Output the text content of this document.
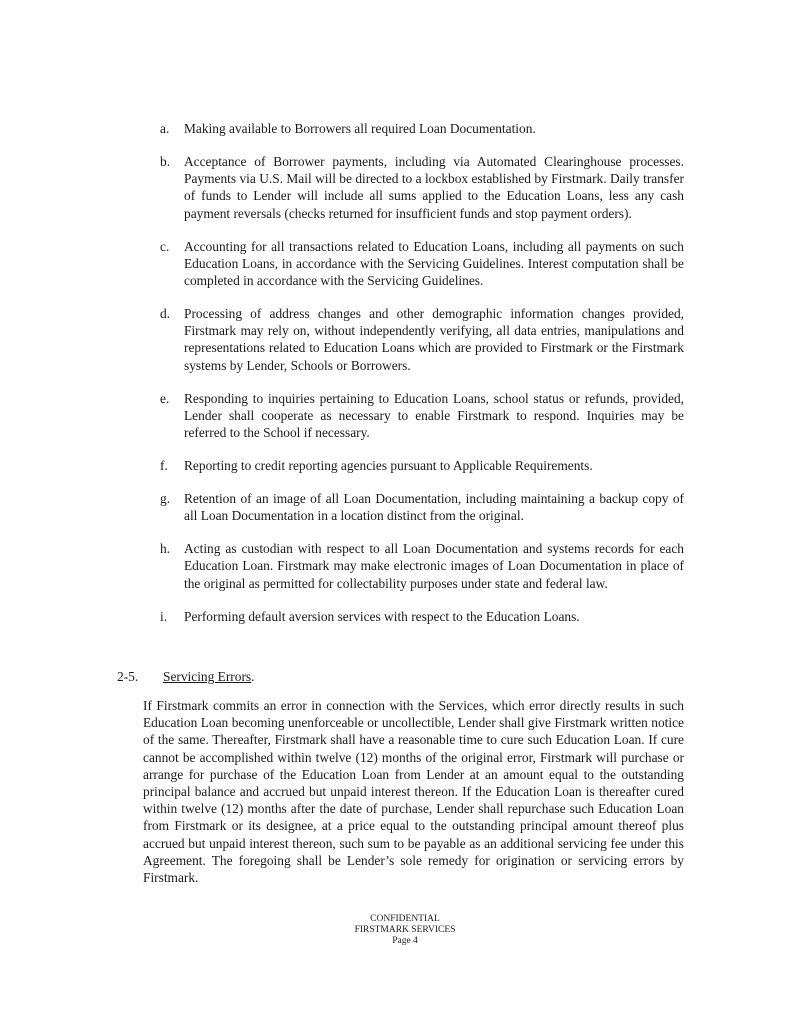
a.	Making available to Borrowers all required Loan Documentation.
b.	Acceptance of Borrower payments, including via Automated Clearinghouse processes. Payments via U.S. Mail will be directed to a lockbox established by Firstmark. Daily transfer of funds to Lender will include all sums applied to the Education Loans, less any cash payment reversals (checks returned for insufficient funds and stop payment orders).
c.	Accounting for all transactions related to Education Loans, including all payments on such Education Loans, in accordance with the Servicing Guidelines. Interest computation shall be completed in accordance with the Servicing Guidelines.
d.	Processing of address changes and other demographic information changes provided, Firstmark may rely on, without independently verifying, all data entries, manipulations and representations related to Education Loans which are provided to Firstmark or the Firstmark systems by Lender, Schools or Borrowers.
e.	Responding to inquiries pertaining to Education Loans, school status or refunds, provided, Lender shall cooperate as necessary to enable Firstmark to respond. Inquiries may be referred to the School if necessary.
f.	Reporting to credit reporting agencies pursuant to Applicable Requirements.
g.	Retention of an image of all Loan Documentation, including maintaining a backup copy of all Loan Documentation in a location distinct from the original.
h.	Acting as custodian with respect to all Loan Documentation and systems records for each Education Loan. Firstmark may make electronic images of Loan Documentation in place of the original as permitted for collectability purposes under state and federal law.
i.	Performing default aversion services with respect to the Education Loans.
2-5.	Servicing Errors.
If Firstmark commits an error in connection with the Services, which error directly results in such Education Loan becoming unenforceable or uncollectible, Lender shall give Firstmark written notice of the same. Thereafter, Firstmark shall have a reasonable time to cure such Education Loan. If cure cannot be accomplished within twelve (12) months of the original error, Firstmark will purchase or arrange for purchase of the Education Loan from Lender at an amount equal to the outstanding principal balance and accrued but unpaid interest thereon. If the Education Loan is thereafter cured within twelve (12) months after the date of purchase, Lender shall repurchase such Education Loan from Firstmark or its designee, at a price equal to the outstanding principal amount thereof plus accrued but unpaid interest thereon, such sum to be payable as an additional servicing fee under this Agreement. The foregoing shall be Lender’s sole remedy for origination or servicing errors by Firstmark.
CONFIDENTIAL
FIRSTMARK SERVICES
Page 4
